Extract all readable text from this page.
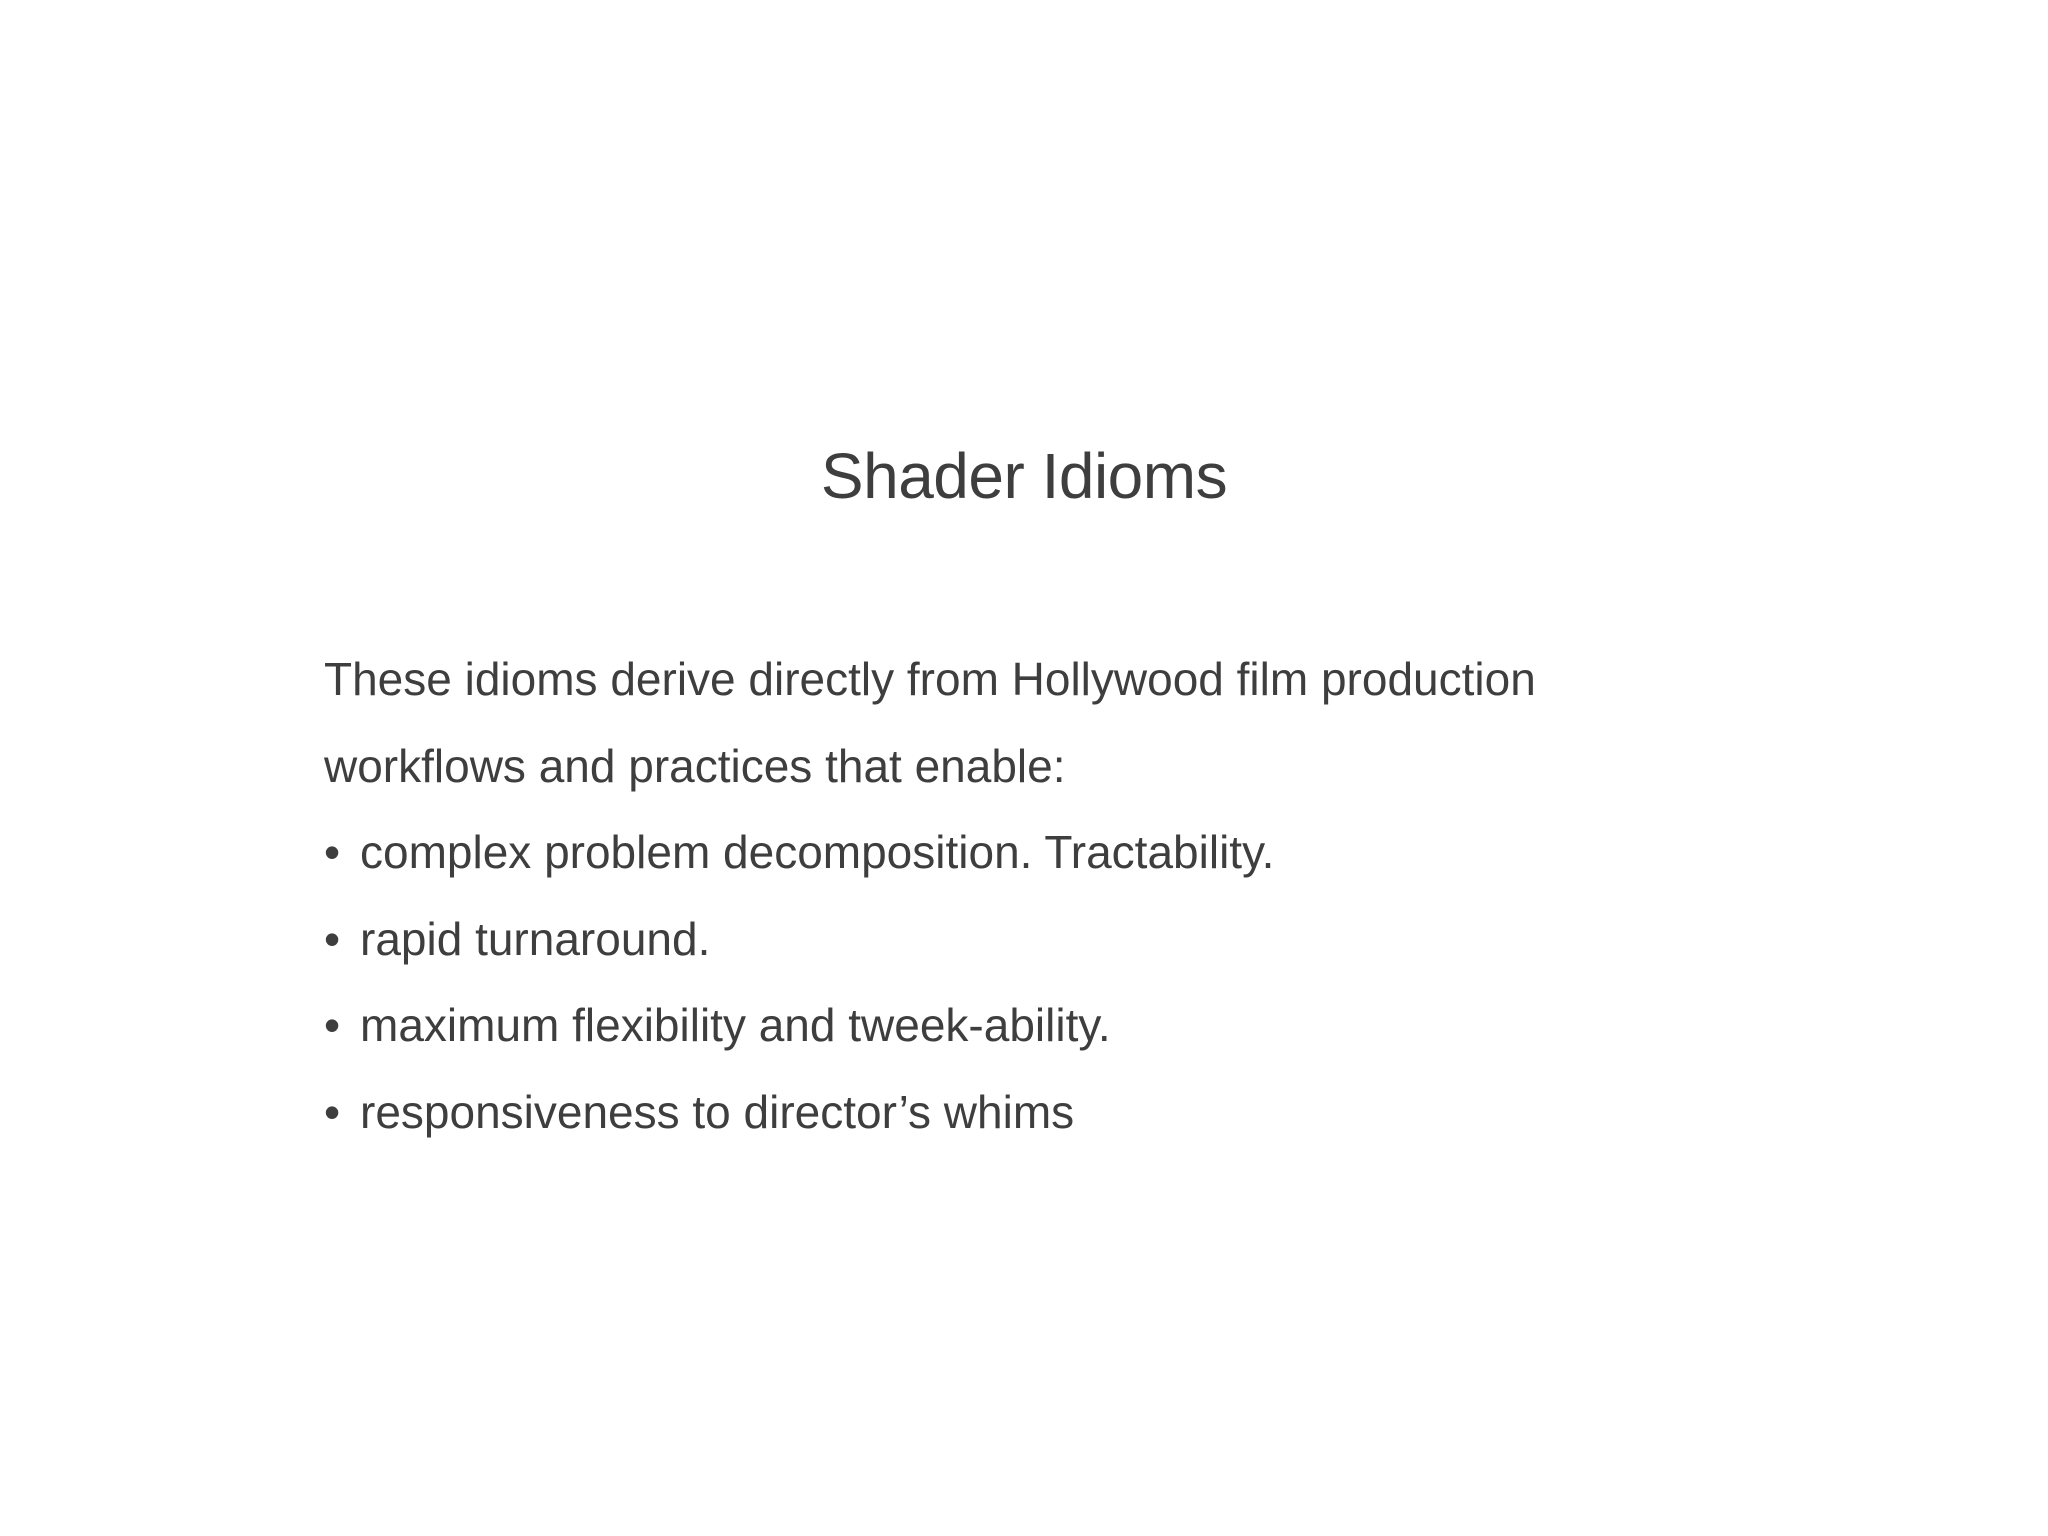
Shader Idioms
These idioms derive directly from Hollywood film production
workflows and practices that enable:
• complex problem decomposition. Tractability.
• rapid turnaround.
• maximum flexibility and tweek-ability.
• responsiveness to director’s whims
